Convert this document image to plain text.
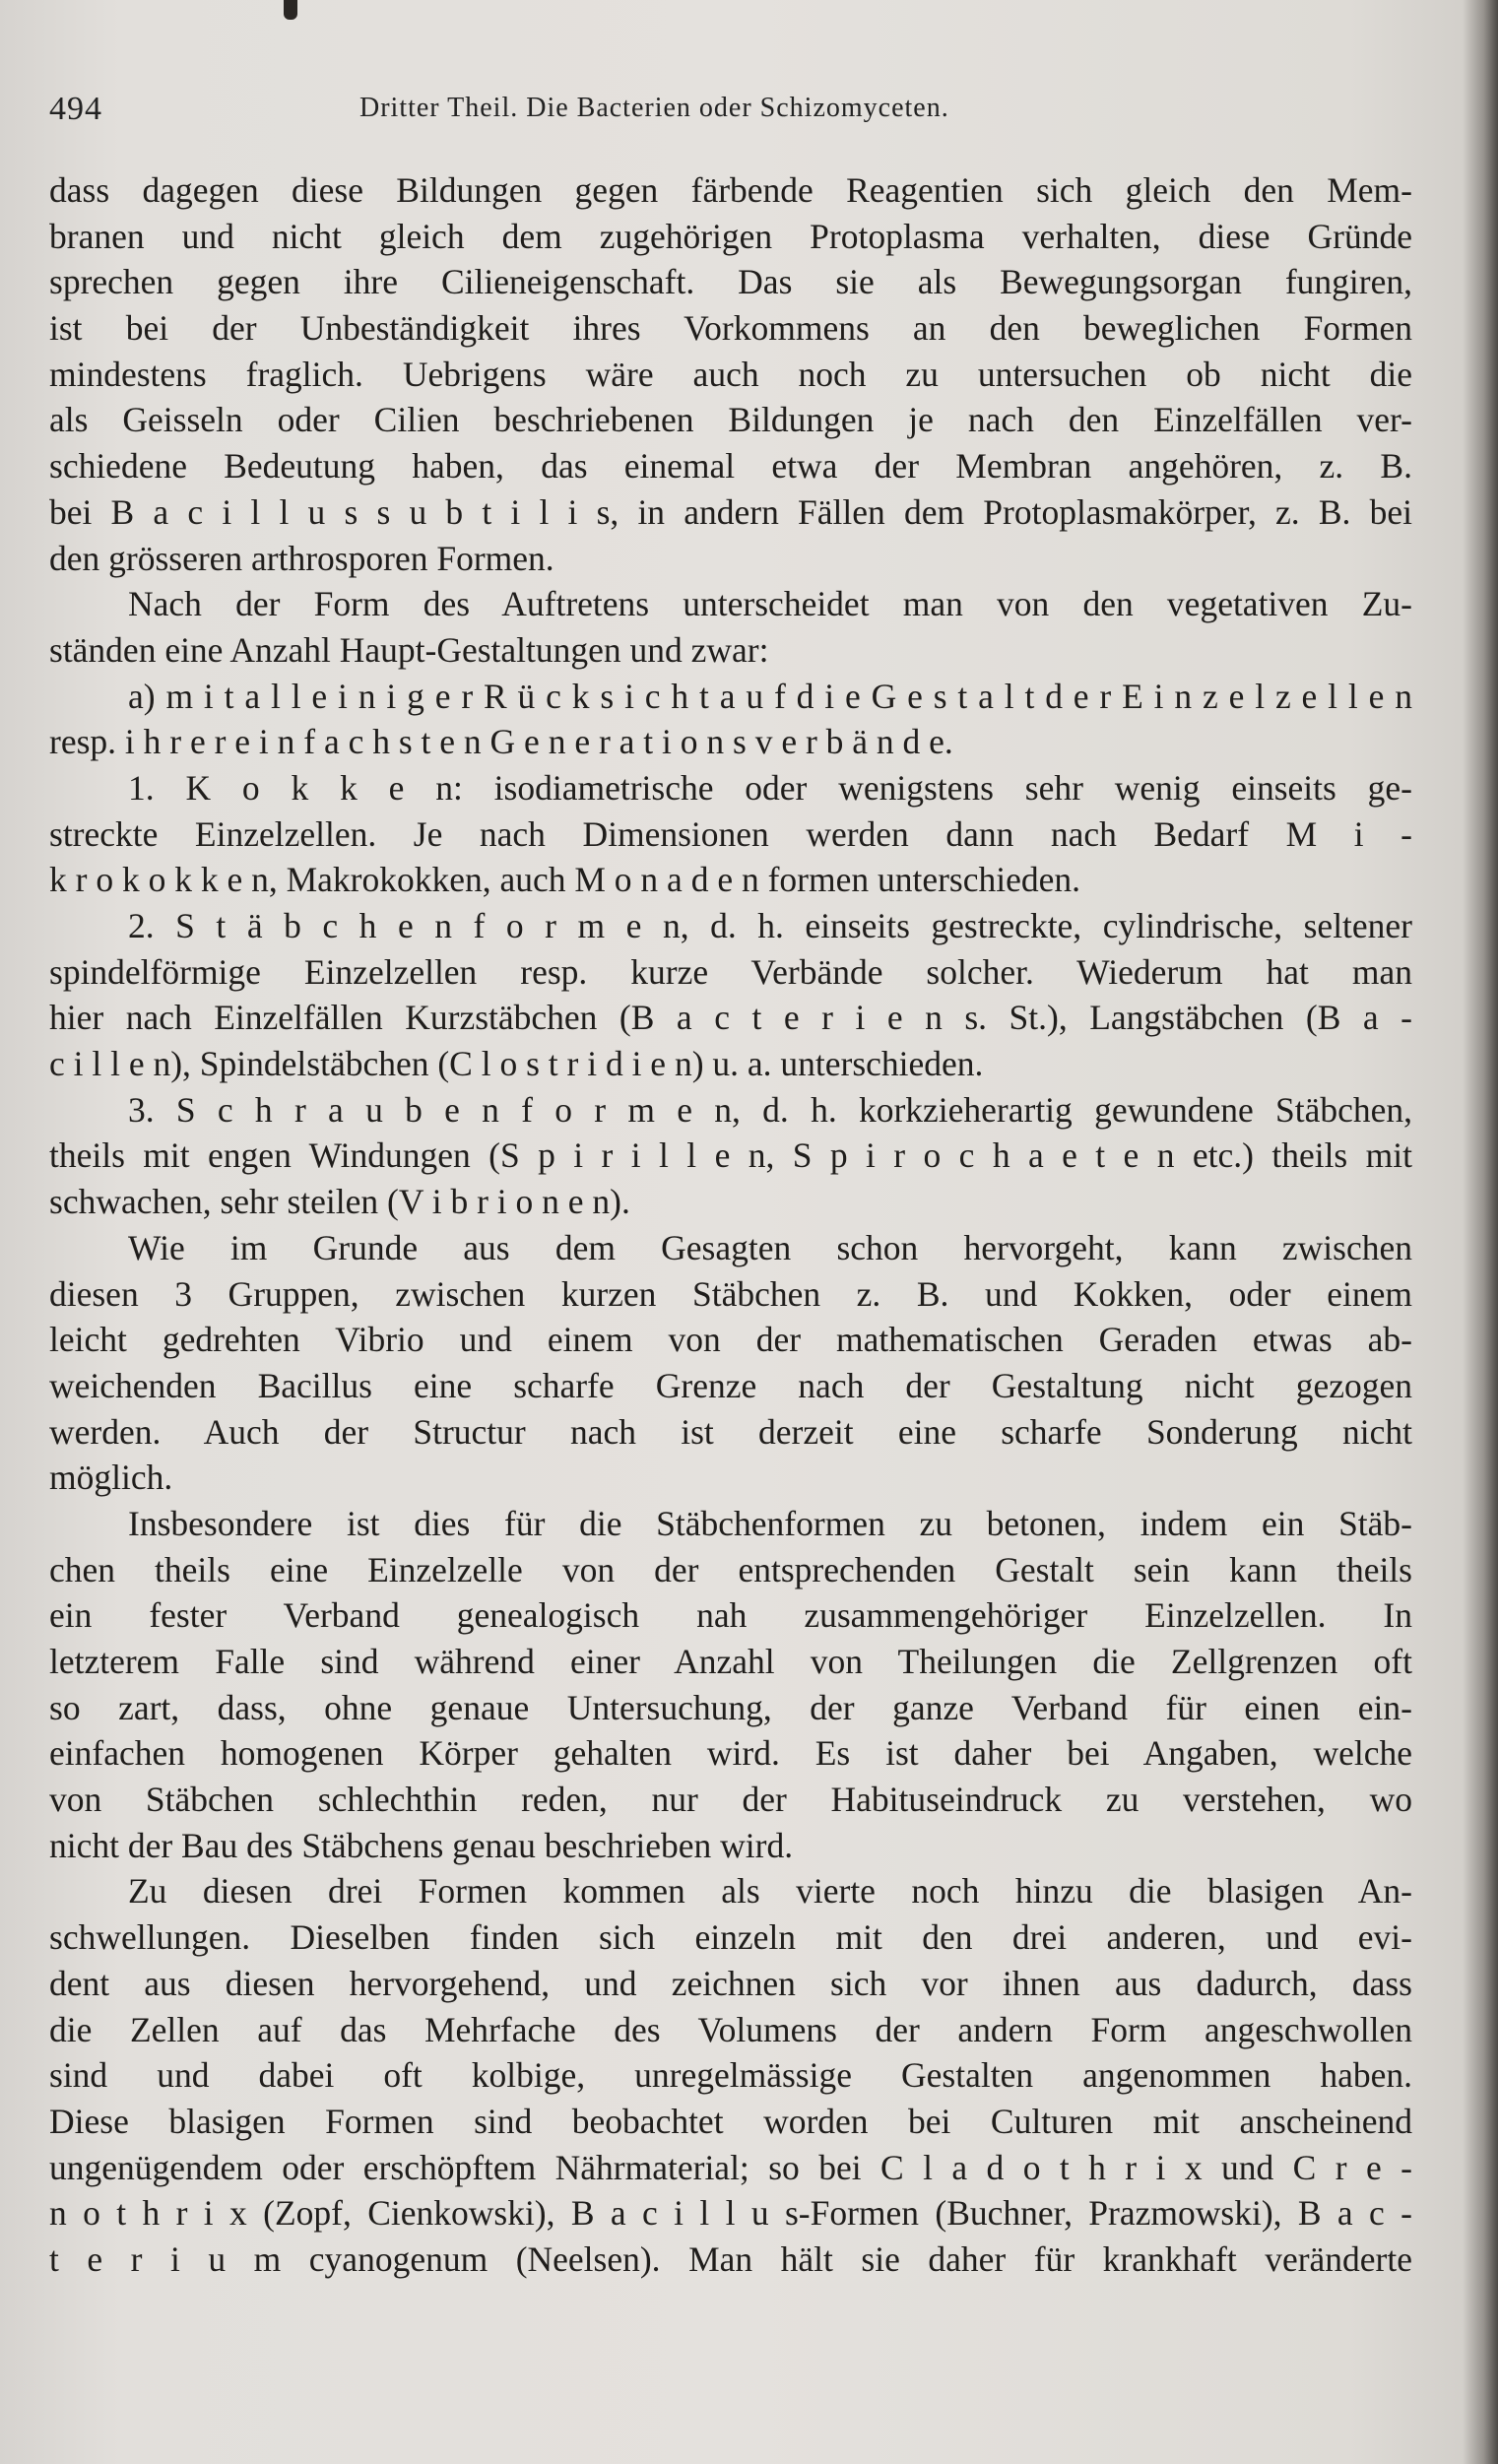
494	Dritter Theil. Die Bacterien oder Schizomyceten.
dass dagegen diese Bildungen gegen färbende Reagentien sich gleich den Mem-
branen und nicht gleich dem zugehörigen Protoplasma verhalten, diese Gründe
sprechen gegen ihre Cilieneigenschaft. Das sie als Bewegungsorgan fungiren,
ist bei der Unbeständigkeit ihres Vorkommens an den beweglichen Formen
mindestens fraglich. Uebrigens wäre auch noch zu untersuchen ob nicht die
als Geisseln oder Cilien beschriebenen Bildungen je nach den Einzelfällen ver-
schiedene Bedeutung haben, das einemal etwa der Membran angehören, z. B.
bei B a c i l l u s s u b t i l i s, in andern Fällen dem Protoplasmakörper, z. B. bei
den grösseren arthrosporen Formen.
Nach der Form des Auftretens unterscheidet man von den vegetativen Zu-
ständen eine Anzahl Haupt-Gestaltungen und zwar:
a) m i t a l l e i n i g e r R ü c k s i c h t a u f d i e G e s t a l t d e r E i n z e l z e l l e n
resp. i h r e r e i n f a c h s t e n G e n e r a t i o n s v e r b ä n d e.
1. K o k k e n: isodiametrische oder wenigstens sehr wenig einseits ge-
streckte Einzelzellen. Je nach Dimensionen werden dann nach Bedarf M i -
k r o k o k k e n, Makrokokken, auch M o n a d e n formen unterschieden.
2. S t ä b c h e n f o r m e n, d. h. einseits gestreckte, cylindrische, seltener
spindelförmige Einzelzellen resp. kurze Verbände solcher. Wiederum hat man
hier nach Einzelfällen Kurzstäbchen (B a c t e r i e n s. St.), Langstäbchen (B a -
c i l l e n), Spindelstäbchen (C l o s t r i d i e n) u. a. unterschieden.
3. S c h r a u b e n f o r m e n, d. h. korkzieherartig gewundene Stäbchen,
theils mit engen Windungen (S p i r i l l e n, S p i r o c h a e t e n etc.) theils mit
schwachen, sehr steilen (V i b r i o n e n).
Wie im Grunde aus dem Gesagten schon hervorgeht, kann zwischen
diesen 3 Gruppen, zwischen kurzen Stäbchen z. B. und Kokken, oder einem
leicht gedrehten Vibrio und einem von der mathematischen Geraden etwas ab-
weichenden Bacillus eine scharfe Grenze nach der Gestaltung nicht gezogen
werden. Auch der Structur nach ist derzeit eine scharfe Sonderung nicht
möglich.
Insbesondere ist dies für die Stäbchenformen zu betonen, indem ein Stäb-
chen theils eine Einzelzelle von der entsprechenden Gestalt sein kann theils
ein fester Verband genealogisch nah zusammengehöriger Einzelzellen. In
letzterem Falle sind während einer Anzahl von Theilungen die Zellgrenzen oft
so zart, dass, ohne genaue Untersuchung, der ganze Verband für einen ein-
einfachen homogenen Körper gehalten wird. Es ist daher bei Angaben, welche
von Stäbchen schlechthin reden, nur der Habituseindruck zu verstehen, wo
nicht der Bau des Stäbchens genau beschrieben wird.
Zu diesen drei Formen kommen als vierte noch hinzu die blasigen An-
schwellungen. Dieselben finden sich einzeln mit den drei anderen, und evi-
dent aus diesen hervorgehend, und zeichnen sich vor ihnen aus dadurch, dass
die Zellen auf das Mehrfache des Volumens der andern Form angeschwollen
sind und dabei oft kolbige, unregelmässige Gestalten angenommen haben.
Diese blasigen Formen sind beobachtet worden bei Culturen mit anscheinend
ungenügendem oder erschöpftem Nährmaterial; so bei C l a d o t h r i x und C r e -
n o t h r i x (Zopf, Cienkowski), B a c i l l u s-Formen (Buchner, Prazmowski), B a c -
t e r i u m cyanogenum (Neelsen). Man hält sie daher für krankhaft veränderte
